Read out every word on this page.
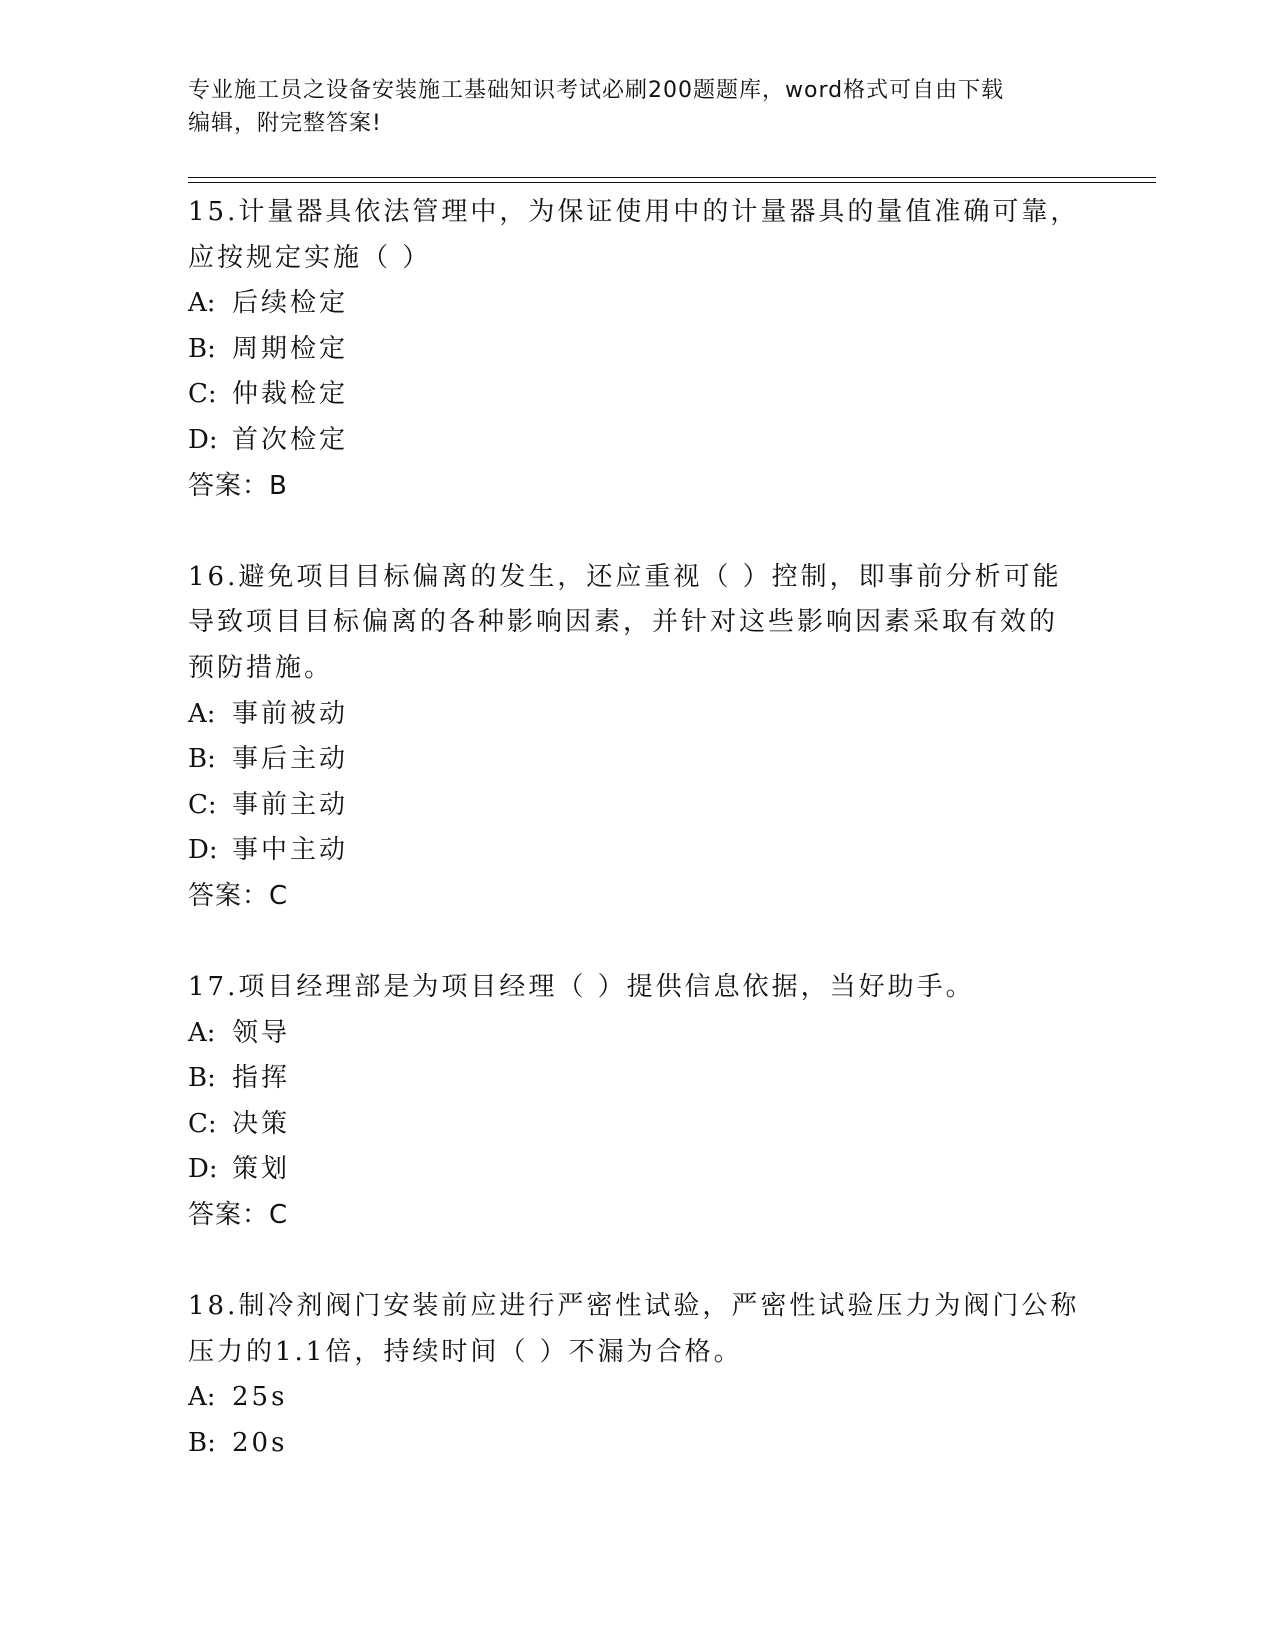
专业施工员之设备安装施工基础知识考试必刷200题题库，word格式可自由下载
编辑，附完整答案!
15.计量器具依法管理中，为保证使用中的计量器具的量值准确可靠，
应按规定实施（ ）
A: 后续检定
B: 周期检定
C: 仲裁检定
D: 首次检定
答案：B
16.避免项目目标偏离的发生，还应重视（ ）控制，即事前分析可能
导致项目目标偏离的各种影响因素，并针对这些影响因素采取有效的
预防措施。
A: 事前被动
B: 事后主动
C: 事前主动
D: 事中主动
答案：C
17.项目经理部是为项目经理（ ）提供信息依据，当好助手。
A: 领导
B: 指挥
C: 决策
D: 策划
答案：C
18.制冷剂阀门安装前应进行严密性试验，严密性试验压力为阀门公称
压力的1.1倍，持续时间（ ）不漏为合格。
A: 25s
B: 20s
